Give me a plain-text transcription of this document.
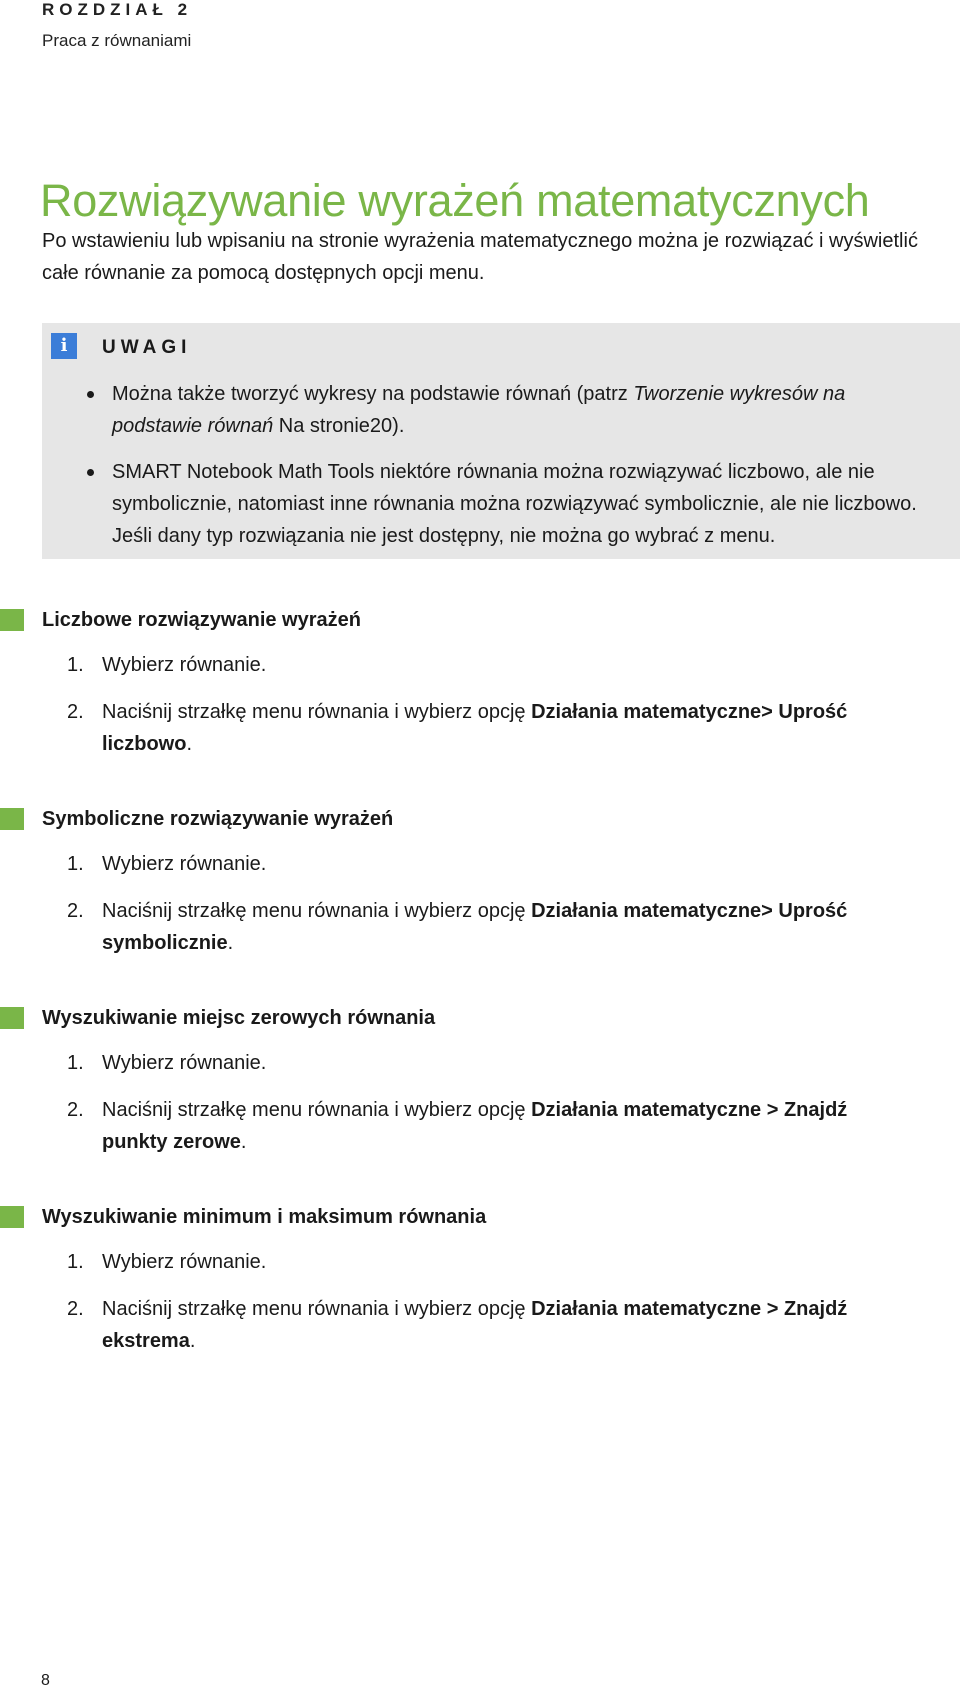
ROZDZIAŁ 2
Praca z równaniami
Rozwiązywanie wyrażeń matematycznych

Po wstawieniu lub wpisaniu na stronie wyrażenia matematycznego można je rozwiązać i wyświetlić całe równanie za pomocą dostępnych opcji menu.

i	UWAGI
Można także tworzyć wykresy na podstawie równań (patrz Tworzenie wykresów na podstawie równań Na stronie20).
SMART Notebook Math Tools niektóre równania można rozwiązywać liczbowo, ale nie symbolicznie, natomiast inne równania można rozwiązywać symbolicznie, ale nie liczbowo. Jeśli dany typ rozwiązania nie jest dostępny, nie można go wybrać z menu.
Liczbowe rozwiązywanie wyrażeń
1. Wybierz równanie.
2. Naciśnij strzałkę menu równania i wybierz opcję Działania matematyczne> Uprość liczbowo.
Symboliczne rozwiązywanie wyrażeń
1. Wybierz równanie.
2. Naciśnij strzałkę menu równania i wybierz opcję Działania matematyczne> Uprość symbolicznie.
Wyszukiwanie miejsc zerowych równania
1. Wybierz równanie.
2. Naciśnij strzałkę menu równania i wybierz opcję Działania matematyczne > Znajdź punkty zerowe.
Wyszukiwanie minimum i maksimum równania
1. Wybierz równanie.
2. Naciśnij strzałkę menu równania i wybierz opcję Działania matematyczne > Znajdź ekstrema.
8
